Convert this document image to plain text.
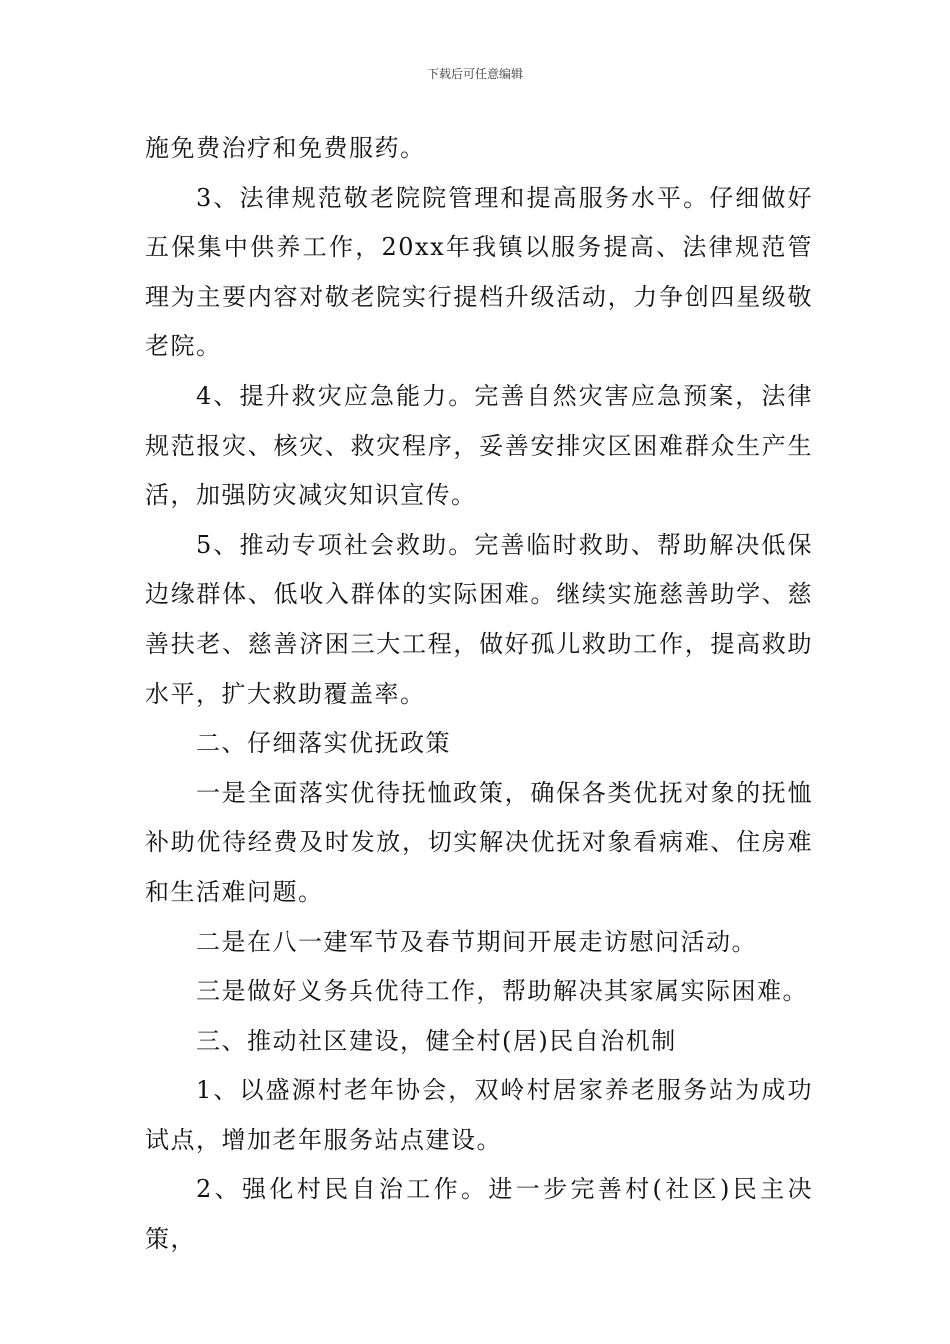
下载后可任意编辑

施免费治疗和免费服药。

3、法律规范敬老院院管理和提高服务水平。仔细做好五保集中供养工作，20xx年我镇以服务提高、法律规范管理为主要内容对敬老院实行提档升级活动，力争创四星级敬老院。

4、提升救灾应急能力。完善自然灾害应急预案，法律规范报灾、核灾、救灾程序，妥善安排灾区困难群众生产生活，加强防灾减灾知识宣传。

5、推动专项社会救助。完善临时救助、帮助解决低保边缘群体、低收入群体的实际困难。继续实施慈善助学、慈善扶老、慈善济困三大工程，做好孤儿救助工作，提高救助水平，扩大救助覆盖率。

二、仔细落实优抚政策

一是全面落实优待抚恤政策，确保各类优抚对象的抚恤补助优待经费及时发放，切实解决优抚对象看病难、住房难和生活难问题。

二是在八一建军节及春节期间开展走访慰问活动。

三是做好义务兵优待工作，帮助解决其家属实际困难。

三、推动社区建设，健全村(居)民自治机制

1、以盛源村老年协会，双岭村居家养老服务站为成功试点，增加老年服务站点建设。

2、强化村民自治工作。进一步完善村(社区)民主决策，
